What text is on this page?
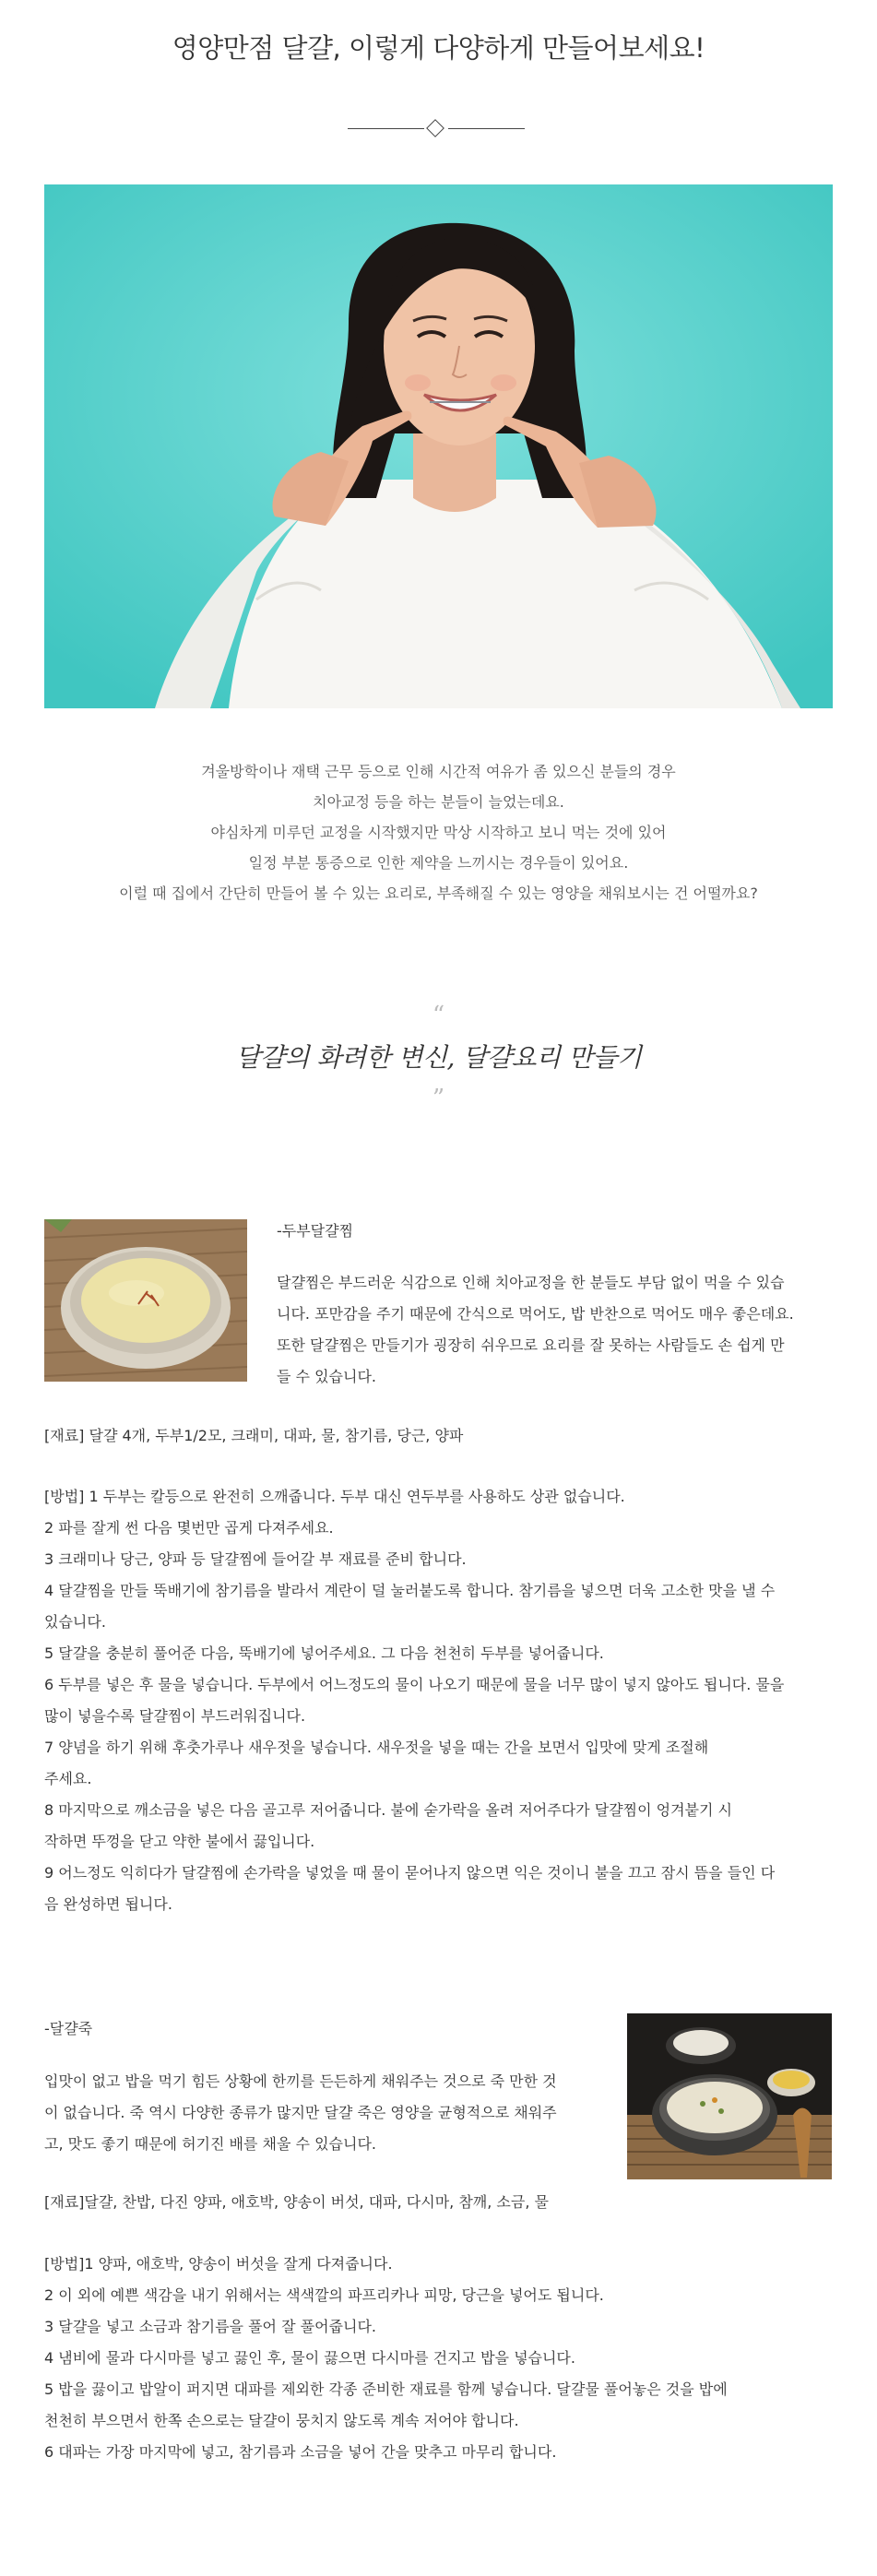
영양만점 달걀, 이렇게 다양하게 만들어보세요!
겨울방학이나 재택 근무 등으로 인해 시간적 여유가 좀 있으신 분들의 경우
치아교정 등을 하는 분들이 늘었는데요.
야심차게 미루던 교정을 시작했지만 막상 시작하고 보니 먹는 것에 있어
일정 부분 통증으로 인한 제약을 느끼시는 경우들이 있어요.
이럴 때 집에서 간단히 만들어 볼 수 있는 요리로, 부족해질 수 있는 영양을 채워보시는 건 어떨까요?
“
달걀의 화려한 변신, 달걀요리 만들기
”
-두부달걀찜
달걀찜은 부드러운 식감으로 인해 치아교정을 한 분들도 부담 없이 먹을 수 있습
니다. 포만감을 주기 때문에 간식으로 먹어도, 밥 반찬으로 먹어도 매우 좋은데요.
또한 달걀찜은 만들기가 굉장히 쉬우므로 요리를 잘 못하는 사람들도 손 쉽게 만
들 수 있습니다.
[재료] 달걀 4개, 두부1/2모, 크래미, 대파, 물, 참기름, 당근, 양파
[방법] 1 두부는 칼등으로 완전히 으깨줍니다. 두부 대신 연두부를 사용하도 상관 없습니다.
2 파를 잘게 썬 다음 몇번만 곱게 다져주세요.
3 크래미나 당근, 양파 등 달걀찜에 들어갈 부 재료를 준비 합니다.
4 달걀찜을 만들 뚝배기에 참기름을 발라서 계란이 덜 눌러붙도록 합니다. 참기름을 넣으면 더욱 고소한 맛을 낼 수
있습니다.
5 달걀을 충분히 풀어준 다음, 뚝배기에 넣어주세요. 그 다음 천천히 두부를 넣어줍니다.
6 두부를 넣은 후 물을 넣습니다. 두부에서 어느정도의 물이 나오기 때문에 물을 너무 많이 넣지 않아도 됩니다. 물을
많이 넣을수록 달걀찜이 부드러워집니다.
7 양념을 하기 위해 후춧가루나 새우젓을 넣습니다. 새우젓을 넣을 때는 간을 보면서 입맛에 맞게 조절해
주세요.
8 마지막으로 깨소금을 넣은 다음 골고루 저어줍니다. 불에 숟가락을 올려 저어주다가 달걀찜이 엉겨붙기 시
작하면 뚜껑을 닫고 약한 불에서 끓입니다.
9 어느정도 익히다가 달걀찜에 손가락을 넣었을 때 물이 묻어나지 않으면 익은 것이니 불을 끄고 잠시 뜸을 들인 다
음 완성하면 됩니다.
-달걀죽
입맛이 없고 밥을 먹기 힘든 상황에 한끼를 든든하게 채워주는 것으로 죽 만한 것
이 없습니다. 죽 역시 다양한 종류가 많지만 달걀 죽은 영양을 균형적으로 채워주
고, 맛도 좋기 때문에 허기진 배를 채울 수 있습니다.
[재료]달걀, 찬밥, 다진 양파, 애호박, 양송이 버섯, 대파, 다시마, 참깨, 소금, 물
[방법]1 양파, 애호박, 양송이 버섯을 잘게 다져줍니다.
2 이 외에 예쁜 색감을 내기 위해서는 색색깔의 파프리카나 피망, 당근을 넣어도 됩니다.
3 달걀을 넣고 소금과 참기름을 풀어 잘 풀어줍니다.
4 냄비에 물과 다시마를 넣고 끓인 후, 물이 끓으면 다시마를 건지고 밥을 넣습니다.
5 밥을 끓이고 밥알이 퍼지면 대파를 제외한 각종 준비한 재료를 함께 넣습니다. 달걀물 풀어놓은 것을 밥에
천천히 부으면서 한쪽 손으로는 달걀이 뭉치지 않도록 계속 저어야 합니다.
6 대파는 가장 마지막에 넣고, 참기름과 소금을 넣어 간을 맞추고 마무리 합니다.
